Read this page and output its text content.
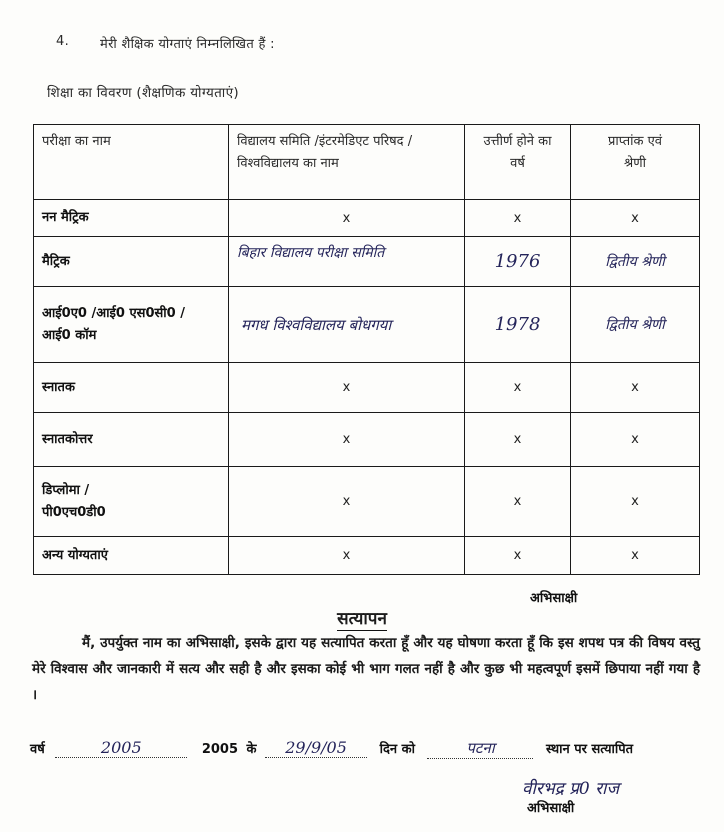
4. मेरी शैक्षिक योग्ताएं निम्नलिखित हैं :
शिक्षा का विवरण (शैक्षणिक योग्यताएं)
परीक्षा का नाम	विद्यालय समिति /इंटरमेडिएट परिषद / विश्वविद्यालय का नाम	उत्तीर्ण होने का वर्ष	प्राप्तांक एवं श्रेणी

नन मैट्रिक	x	x	x
मैट्रिक	बिहार विद्यालय परीक्षा समिति	1976	द्वितीय श्रेणी

आई0ए0 /आई0 एस0सी0 / आई0 कॉम	मगध विश्वविद्यालय बोधगया	1978	द्वितीय श्रेणी
स्नातक	x	x	x
स्नातकोत्तर	x	x	x

डिप्लोमा / पी0एच0डी0	x	x	x
अन्य योग्यताएं	x	x	x
अभिसाक्षी
सत्यापन
मैं, उपर्युक्त नाम का अभिसाक्षी, इसके द्वारा यह सत्यापित करता हूँ और यह घोषणा करता हूँ कि इस शपथ पत्र की विषय वस्तु मेरे विश्वास और जानकारी में सत्य और सही है और इसका कोई भी भाग गलत नहीं है और कुछ भी महत्वपूर्ण इसमें छिपाया नहीं गया है ।
वर्ष	2005	2005 के 29/9/05	दिन को	पटना	स्थान पर सत्यापित
वीरभद्र प्र0 राज
अभिसाक्षी
